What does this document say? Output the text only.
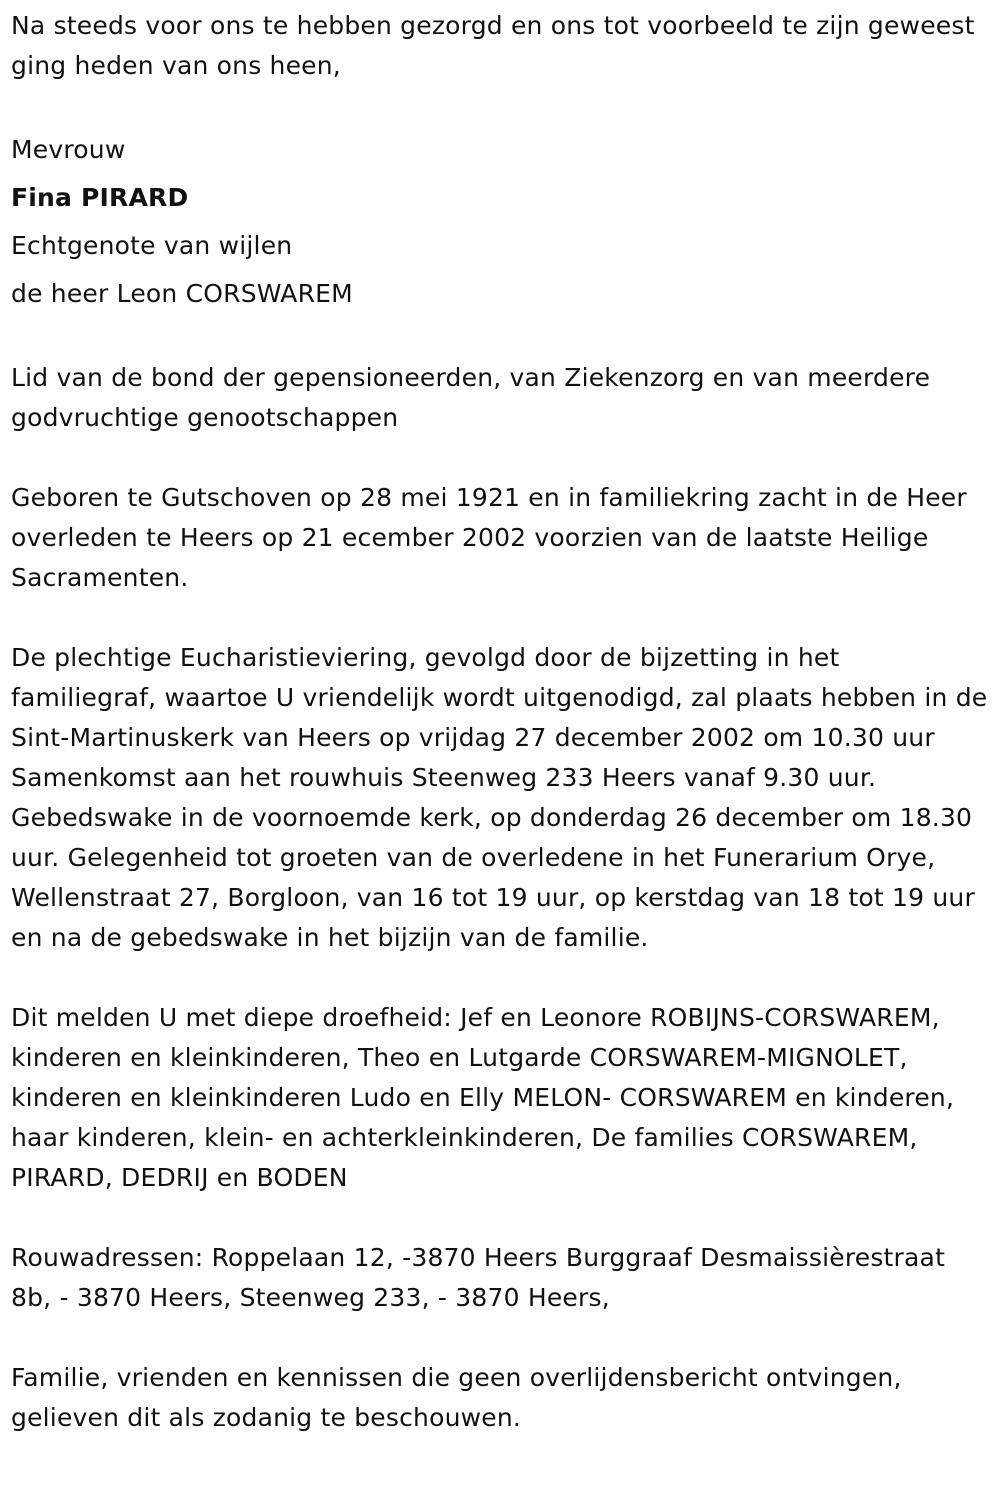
Na steeds voor ons te hebben gezorgd en ons tot voorbeeld te zijn geweest ging heden van ons heen,

Mevrouw

Fina PIRARD

Echtgenote van wijlen

de heer Leon CORSWAREM

Lid van de bond der gepensioneerden, van Ziekenzorg en van meerdere godvruchtige genootschappen

Geboren te Gutschoven op 28 mei 1921 en in familiekring zacht in de Heer overleden te Heers op 21 ecember 2002 voorzien van de laatste Heilige Sacramenten.

De plechtige Eucharistieviering, gevolgd door de bijzetting in het familiegraf, waartoe U vriendelijk wordt uitgenodigd, zal plaats hebben in de Sint-Martinuskerk van Heers op vrijdag 27 december 2002 om 10.30 uur Samenkomst aan het rouwhuis Steenweg 233 Heers vanaf 9.30 uur. Gebedswake in de voornoemde kerk, op donderdag 26 december om 18.30 uur. Gelegenheid tot groeten van de overledene in het Funerarium Orye, Wellenstraat 27, Borgloon, van 16 tot 19 uur, op kerstdag van 18 tot 19 uur en na de gebedswake in het bijzijn van de familie.

Dit melden U met diepe droefheid: Jef en Leonore ROBIJNS-CORSWAREM, kinderen en kleinkinderen, Theo en Lutgarde CORSWAREM-MIGNOLET, kinderen en kleinkinderen Ludo en Elly MELON- CORSWAREM en kinderen, haar kinderen, klein- en achterkleinkinderen, De families CORSWAREM, PIRARD, DEDRIJ en BODEN

Rouwadressen: Roppelaan 12, -3870 Heers Burggraaf Desmaissièrestraat 8b, - 3870 Heers, Steenweg 233, - 3870 Heers,

Familie, vrienden en kennissen die geen overlijdensbericht ontvingen, gelieven dit als zodanig te beschouwen.
